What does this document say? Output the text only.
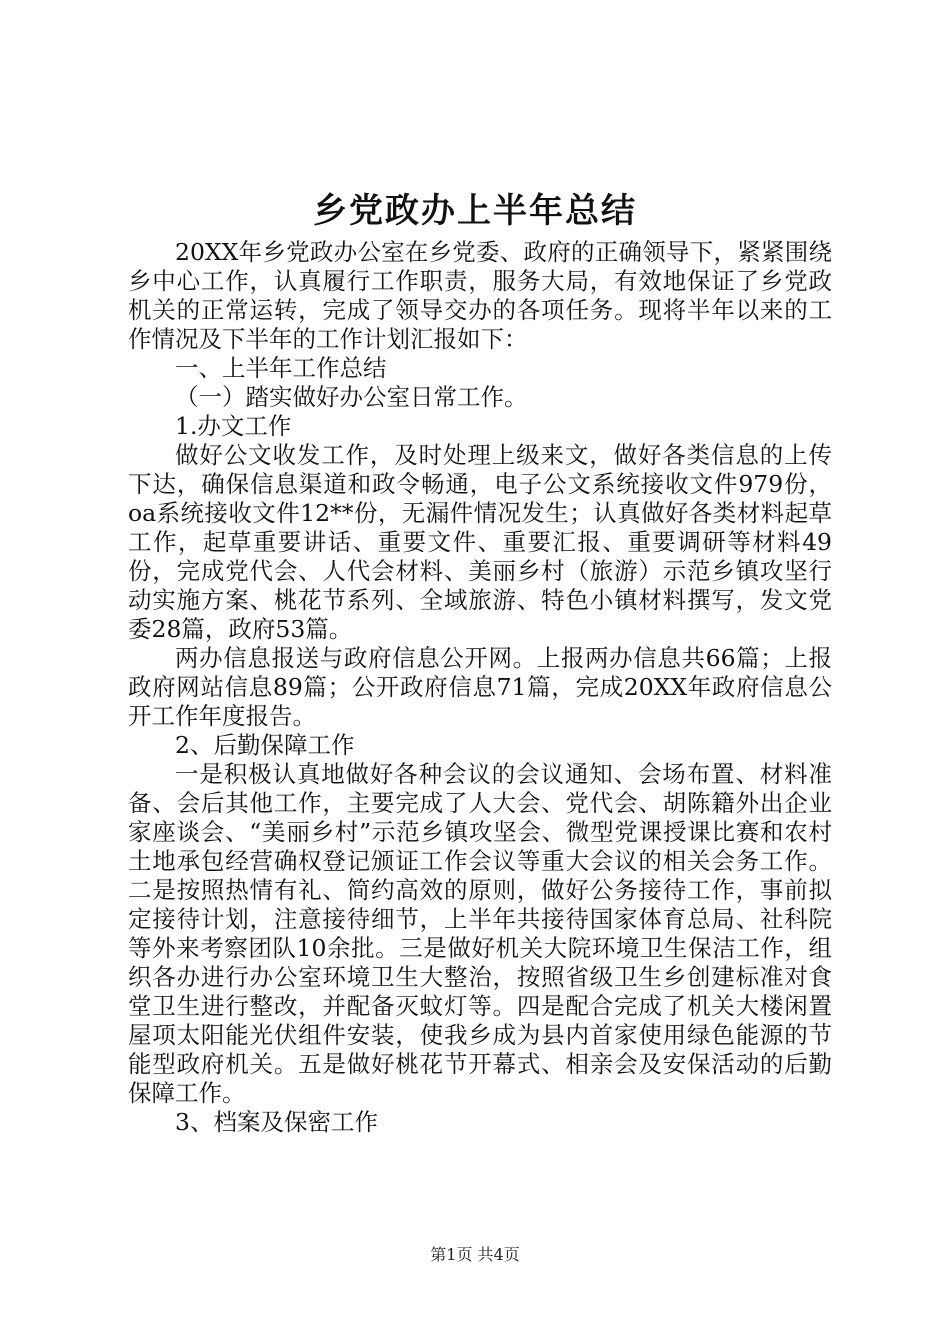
乡党政办上半年总结

20XX年乡党政办公室在乡党委、政府的正确领导下，紧紧围绕乡中心工作，认真履行工作职责，服务大局，有效地保证了乡党政机关的正常运转，完成了领导交办的各项任务。现将半年以来的工作情况及下半年的工作计划汇报如下：

一、上半年工作总结

（一）踏实做好办公室日常工作。

1.办文工作

做好公文收发工作，及时处理上级来文，做好各类信息的上传下达，确保信息渠道和政令畅通，电子公文系统接收文件979份，oa系统接收文件12**份，无漏件情况发生；认真做好各类材料起草工作，起草重要讲话、重要文件、重要汇报、重要调研等材料49份，完成党代会、人代会材料、美丽乡村（旅游）示范乡镇攻坚行动实施方案、桃花节系列、全域旅游、特色小镇材料撰写，发文党委28篇，政府53篇。

两办信息报送与政府信息公开网。上报两办信息共66篇；上报政府网站信息89篇；公开政府信息71篇，完成20XX年政府信息公开工作年度报告。

2、后勤保障工作

一是积极认真地做好各种会议的会议通知、会场布置、材料准备、会后其他工作，主要完成了人大会、党代会、胡陈籍外出企业家座谈会、“美丽乡村”示范乡镇攻坚会、微型党课授课比赛和农村土地承包经营确权登记颁证工作会议等重大会议的相关会务工作。二是按照热情有礼、简约高效的原则，做好公务接待工作，事前拟定接待计划，注意接待细节，上半年共接待国家体育总局、社科院等外来考察团队10余批。三是做好机关大院环境卫生保洁工作，组织各办进行办公室环境卫生大整治，按照省级卫生乡创建标准对食堂卫生进行整改，并配备灭蚊灯等。四是配合完成了机关大楼闲置屋项太阳能光伏组件安装，使我乡成为县内首家使用绿色能源的节能型政府机关。五是做好桃花节开幕式、相亲会及安保活动的后勤保障工作。

3、档案及保密工作

第1页 共4页
